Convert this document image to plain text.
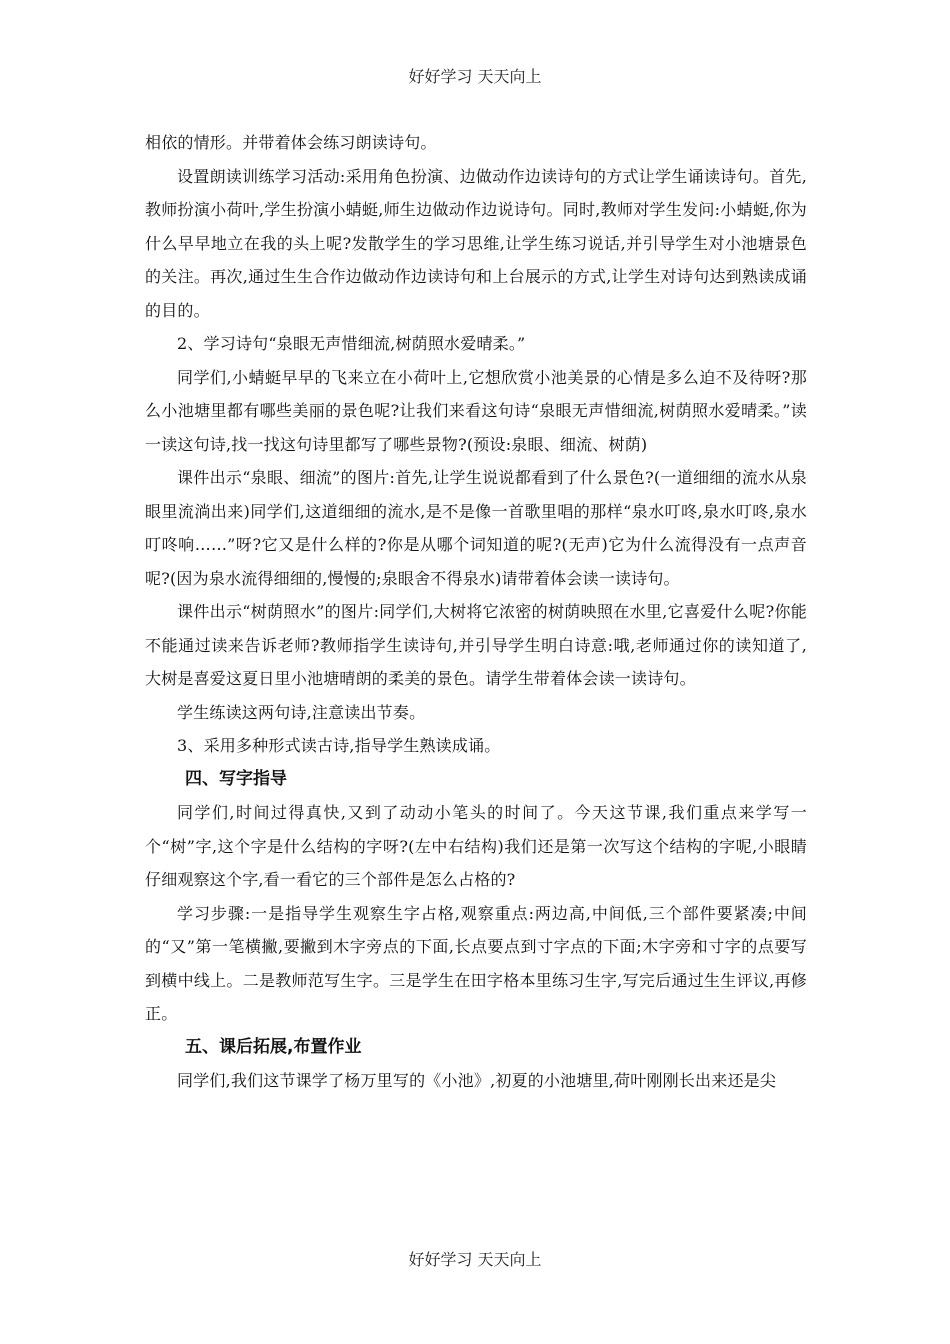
好好学习 天天向上

相依的情形。并带着体会练习朗读诗句。

设置朗读训练学习活动:采用角色扮演、边做动作边读诗句的方式让学生诵读诗句。首先,教师扮演小荷叶,学生扮演小蜻蜓,师生边做动作边说诗句。同时,教师对学生发问:小蜻蜓,你为什么早早地立在我的头上呢?发散学生的学习思维,让学生练习说话,并引导学生对小池塘景色的关注。再次,通过生生合作边做动作边读诗句和上台展示的方式,让学生对诗句达到熟读成诵的目的。

2、学习诗句“泉眼无声惜细流,树荫照水爱晴柔。”

同学们,小蜻蜓早早的飞来立在小荷叶上,它想欣赏小池美景的心情是多么迫不及待呀?那么小池塘里都有哪些美丽的景色呢?让我们来看这句诗“泉眼无声惜细流,树荫照水爱晴柔。”读一读这句诗,找一找这句诗里都写了哪些景物?(预设:泉眼、细流、树荫)

课件出示“泉眼、细流”的图片:首先,让学生说说都看到了什么景色?(一道细细的流水从泉眼里流淌出来)同学们,这道细细的流水,是不是像一首歌里唱的那样“泉水叮咚,泉水叮咚,泉水叮咚响……”呀?它又是什么样的?你是从哪个词知道的呢?(无声)它为什么流得没有一点声音呢?(因为泉水流得细细的,慢慢的;泉眼舍不得泉水)请带着体会读一读诗句。

课件出示“树荫照水”的图片:同学们,大树将它浓密的树荫映照在水里,它喜爱什么呢?你能不能通过读来告诉老师?教师指学生读诗句,并引导学生明白诗意:哦,老师通过你的读知道了,大树是喜爱这夏日里小池塘晴朗的柔美的景色。请学生带着体会读一读诗句。

学生练读这两句诗,注意读出节奏。

3、采用多种形式读古诗,指导学生熟读成诵。

四、写字指导

同学们,时间过得真快,又到了动动小笔头的时间了。今天这节课,我们重点来学写一个“树”字,这个字是什么结构的字呀?(左中右结构)我们还是第一次写这个结构的字呢,小眼睛仔细观察这个字,看一看它的三个部件是怎么占格的?

学习步骤:一是指导学生观察生字占格,观察重点:两边高,中间低,三个部件要紧凑;中间的“又”第一笔横撇,要撇到木字旁点的下面,长点要点到寸字点的下面;木字旁和寸字的点要写到横中线上。二是教师范写生字。三是学生在田字格本里练习生字,写完后通过生生评议,再修正。

五、课后拓展,布置作业

同学们,我们这节课学了杨万里写的《小池》,初夏的小池塘里,荷叶刚刚长出来还是尖

好好学习 天天向上
